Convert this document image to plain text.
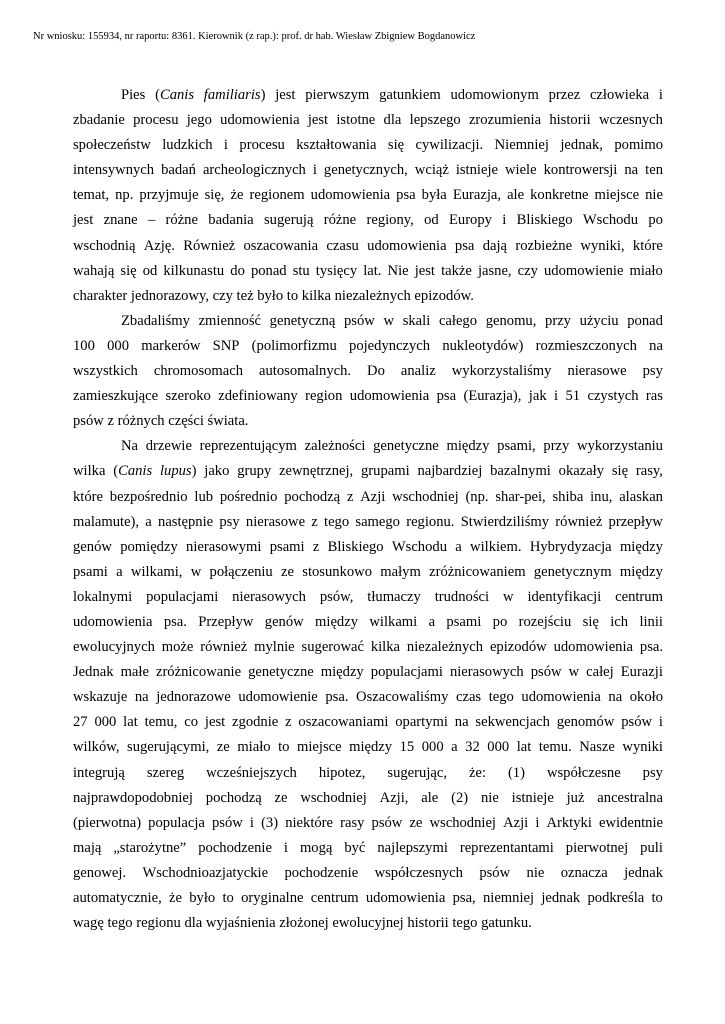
Nr wniosku: 155934, nr raportu: 8361. Kierownik (z rap.): prof. dr hab. Wiesław Zbigniew Bogdanowicz
Pies (Canis familiaris) jest pierwszym gatunkiem udomowionym przez człowieka i
zbadanie procesu jego udomowienia jest istotne dla lepszego zrozumienia historii wczesnych
społeczeństw ludzkich i procesu kształtowania się cywilizacji. Niemniej jednak, pomimo
intensywnych badań archeologicznych i genetycznych, wciąż istnieje wiele kontrowersji na ten
temat, np. przyjmuje się, że regionem udomowienia psa była Eurazja, ale konkretne miejsce nie
jest znane – różne badania sugerują różne regiony, od Europy i Bliskiego Wschodu po
wschodnią Azję. Również oszacowania czasu udomowienia psa dają rozbieżne wyniki, które
wahają się od kilkunastu do ponad stu tysięcy lat. Nie jest także jasne, czy udomowienie miało
charakter jednorazowy, czy też było to kilka niezależnych epizodów.
Zbadaliśmy zmienność genetyczną psów w skali całego genomu, przy użyciu ponad
100 000 markerów SNP (polimorfizmu pojedynczych nukleotydów) rozmieszczonych na
wszystkich chromosomach autosomalnych. Do analiz wykorzystaliśmy nierasowe psy
zamieszkujące szeroko zdefiniowany region udomowienia psa (Eurazja), jak i 51 czystych ras
psów z różnych części świata.
Na drzewie reprezentującym zależności genetyczne między psami, przy wykorzystaniu
wilka (Canis lupus) jako grupy zewnętrznej, grupami najbardziej bazalnymi okazały się rasy,
które bezpośrednio lub pośrednio pochodzą z Azji wschodniej (np. shar-pei, shiba inu, alaskan
malamute), a następnie psy nierasowe z tego samego regionu. Stwierdziliśmy również przepływ
genów pomiędzy nierasowymi psami z Bliskiego Wschodu a wilkiem. Hybrydyzacja między
psami a wilkami, w połączeniu ze stosunkowo małym zróżnicowaniem genetycznym między
lokalnymi populacjami nierasowych psów, tłumaczy trudności w identyfikacji centrum
udomowienia psa. Przepływ genów między wilkami a psami po rozejściu się ich linii
ewolucyjnych może również mylnie sugerować kilka niezależnych epizodów udomowienia psa.
Jednak małe zróżnicowanie genetyczne między populacjami nierasowych psów w całej Eurazji
wskazuje na jednorazowe udomowienie psa. Oszacowaliśmy czas tego udomowienia na około
27 000 lat temu, co jest zgodnie z oszacowaniami opartymi na sekwencjach genomów psów i
wilków, sugerującymi, ze miało to miejsce między 15 000 a 32 000 lat temu. Nasze wyniki
integrują szereg wcześniejszych hipotez, sugerując, że: (1) współczesne psy
najprawdopodobniej pochodzą ze wschodniej Azji, ale (2) nie istnieje już ancestralna
(pierwotna) populacja psów i (3) niektóre rasy psów ze wschodniej Azji i Arktyki ewidentnie
mają „starożytne” pochodzenie i mogą być najlepszymi reprezentantami pierwotnej puli
genowej. Wschodnioazjatyckie pochodzenie współczesnych psów nie oznacza jednak
automatycznie, że było to oryginalne centrum udomowienia psa, niemniej jednak podkreśla to
wagę tego regionu dla wyjaśnienia złożonej ewolucyjnej historii tego gatunku.
